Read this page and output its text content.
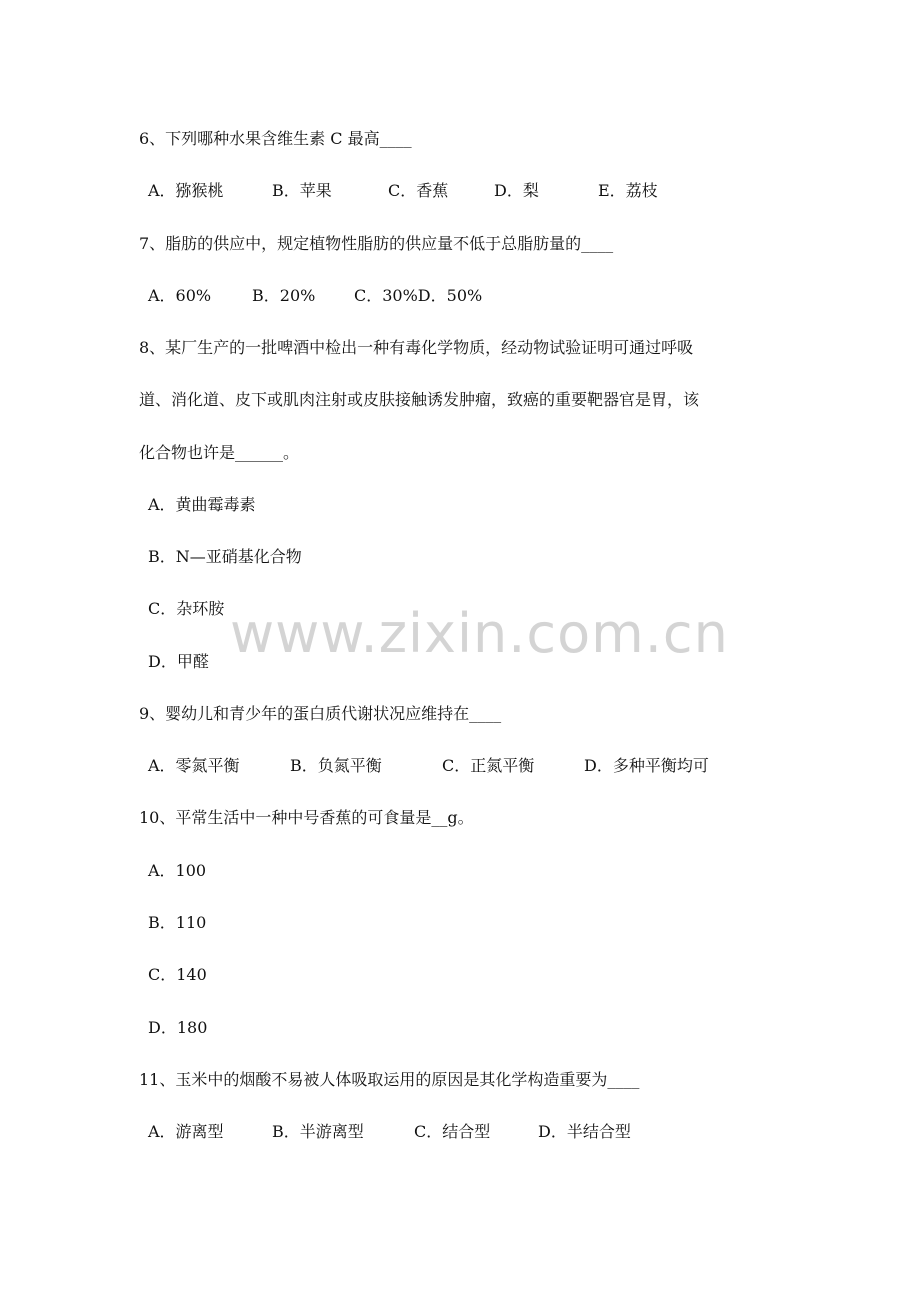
www.zixin.com.cn
6、下列哪种水果含维生素 C 最高____
A．猕猴桃	B．苹果	C．香蕉	D．梨	E．荔枝
7、脂肪的供应中，规定植物性脂肪的供应量不低于总脂肪量的____
A．60%	B．20% C．30%D．50%
8、某厂生产的一批啤酒中检出一种有毒化学物质，经动物试验证明可通过呼吸
道、消化道、皮下或肌肉注射或皮肤接触诱发肿瘤，致癌的重要靶器官是胃，该
化合物也许是______。
A．黄曲霉毒素
B．N—亚硝基化合物
C．杂环胺
D．甲醛
9、婴幼儿和青少年的蛋白质代谢状况应维持在____
A．零氮平衡	B．负氮平衡	C．正氮平衡	D．多种平衡均可
10、平常生活中一种中号香蕉的可食量是__g。
A．100
B．110
C．140
D．180
11、玉米中的烟酸不易被人体吸取运用的原因是其化学构造重要为____
A．游离型	B．半游离型	C．结合型	D．半结合型
